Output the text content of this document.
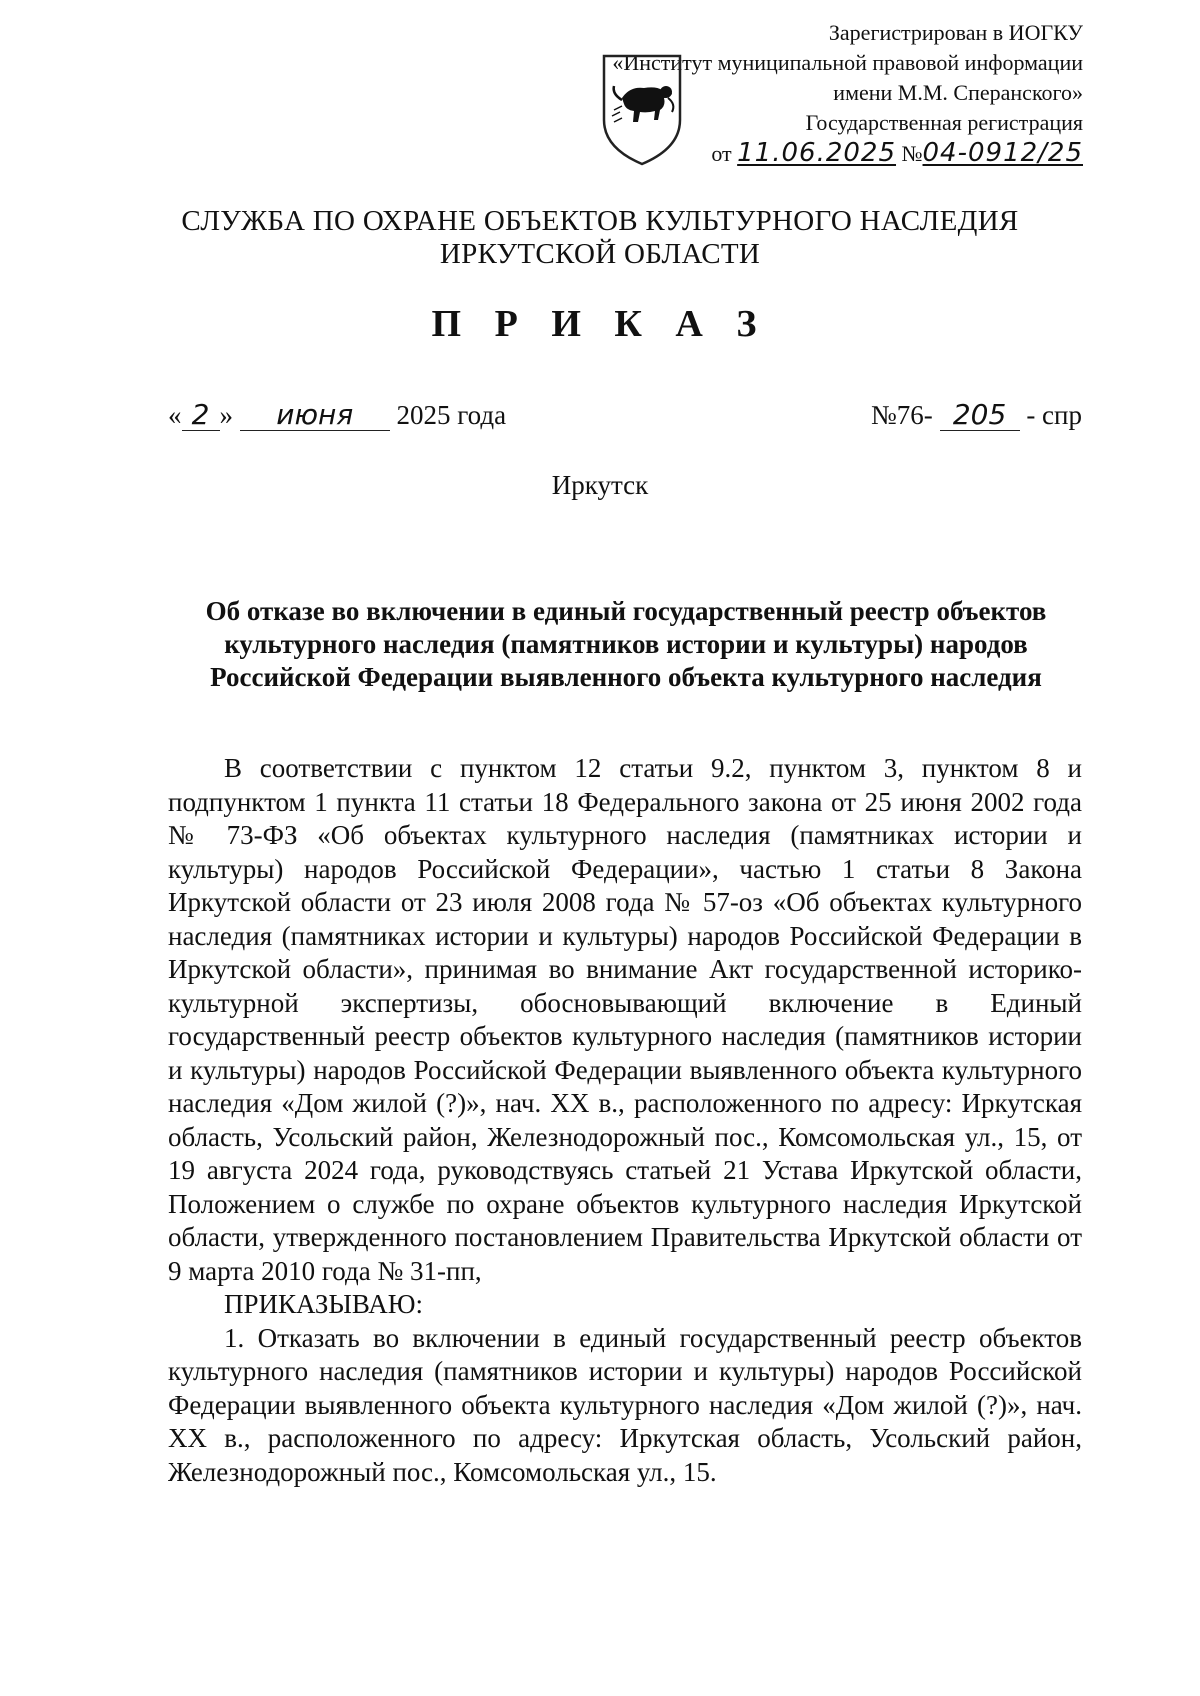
Зарегистрирован в ИОГКУ
«Институт муниципальной правовой информации
имени М.М. Сперанского»
Государственная регистрация
от 11.06.2025 №04-0912/25
СЛУЖБА ПО ОХРАНЕ ОБЪЕКТОВ КУЛЬТУРНОГО НАСЛЕДИЯ
ИРКУТСКОЙ ОБЛАСТИ
П Р И К А З
« 2 » июня 2025 года	№76- 205 - спр
Иркутск
Об отказе во включении в единый государственный реестр объектов культурного наследия (памятников истории и культуры) народов Российской Федерации выявленного объекта культурного наследия

В соответствии с пунктом 12 статьи 9.2, пунктом 3, пунктом 8 и подпунктом 1 пункта 11 статьи 18 Федерального закона от 25 июня 2002 года № 73-ФЗ «Об объектах культурного наследия (памятниках истории и культуры) народов Российской Федерации», частью 1 статьи 8 Закона Иркутской области от 23 июля 2008 года № 57-оз «Об объектах культурного наследия (памятниках истории и культуры) народов Российской Федерации в Иркутской области», принимая во внимание Акт государственной историко-культурной экспертизы, обосновывающий включение в Единый государственный реестр объектов культурного наследия (памятников истории и культуры) народов Российской Федерации выявленного объекта культурного наследия «Дом жилой (?)», нач. XX в., расположенного по адресу: Иркутская область, Усольский район, Железнодорожный пос., Комсомольская ул., 15, от 19 августа 2024 года, руководствуясь статьей 21 Устава Иркутской области, Положением о службе по охране объектов культурного наследия Иркутской области, утвержденного постановлением Правительства Иркутской области от 9 марта 2010 года № 31-пп,

ПРИКАЗЫВАЮ:

1. Отказать во включении в единый государственный реестр объектов культурного наследия (памятников истории и культуры) народов Российской Федерации выявленного объекта культурного наследия «Дом жилой (?)», нач. XX в., расположенного по адресу: Иркутская область, Усольский район, Железнодорожный пос., Комсомольская ул., 15.
